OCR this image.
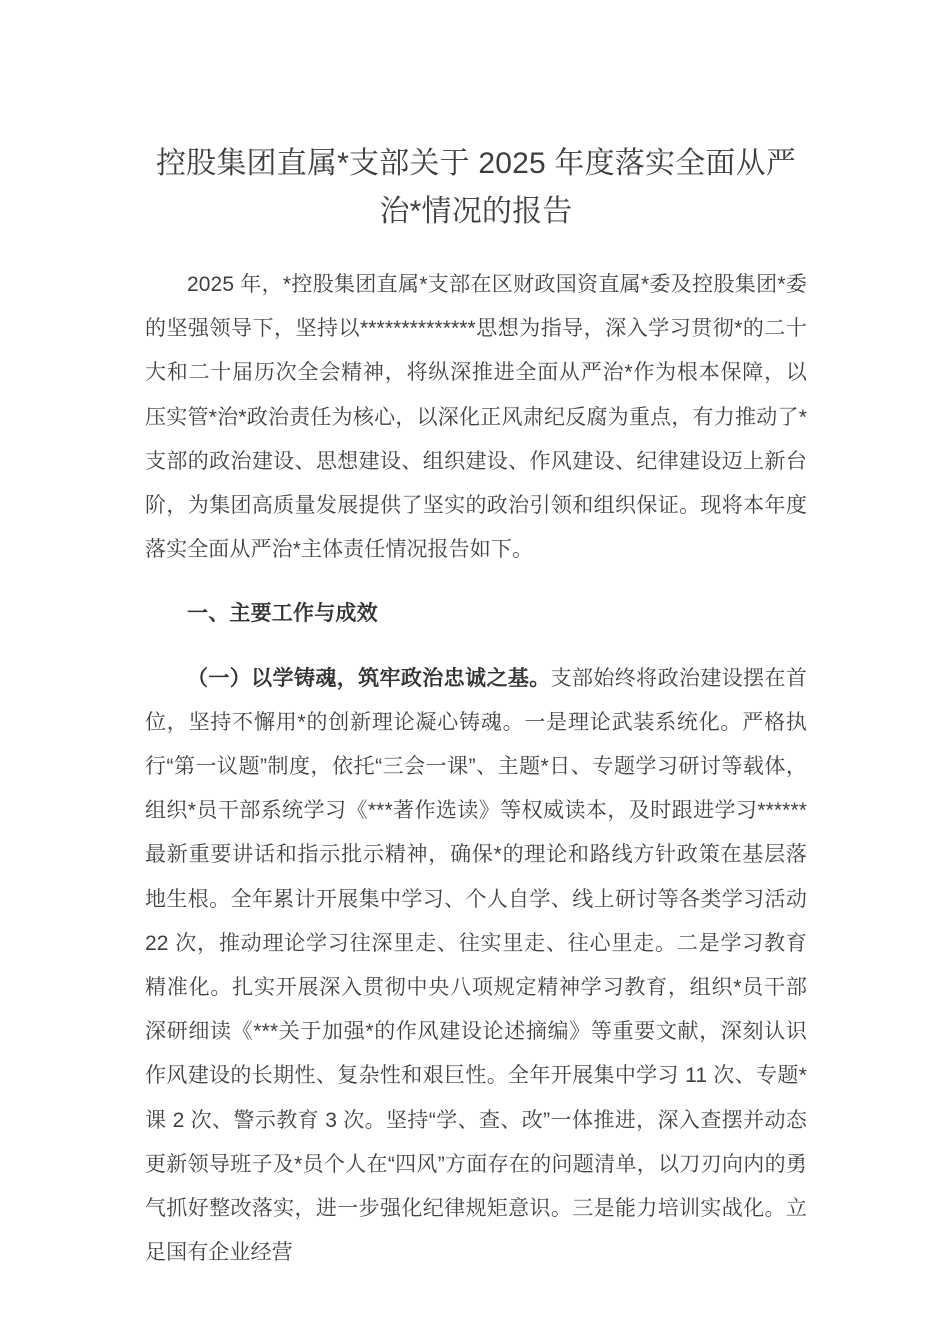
控股集团直属*支部关于 2025 年度落实全面从严治*情况的报告

2025 年，*控股集团直属*支部在区财政国资直属*委及控股集团*委的坚强领导下，坚持以**************思想为指导，深入学习贯彻*的二十大和二十届历次全会精神，将纵深推进全面从严治*作为根本保障，以压实管*治*政治责任为核心，以深化正风肃纪反腐为重点，有力推动了*支部的政治建设、思想建设、组织建设、作风建设、纪律建设迈上新台阶，为集团高质量发展提供了坚实的政治引领和组织保证。现将本年度落实全面从严治*主体责任情况报告如下。

一、主要工作与成效

（一）以学铸魂，筑牢政治忠诚之基。支部始终将政治建设摆在首位，坚持不懈用*的创新理论凝心铸魂。一是理论武装系统化。严格执行“第一议题”制度，依托“三会一课”、主题*日、专题学习研讨等载体，组织*员干部系统学习《***著作选读》等权威读本，及时跟进学习******最新重要讲话和指示批示精神，确保*的理论和路线方针政策在基层落地生根。全年累计开展集中学习、个人自学、线上研讨等各类学习活动 22 次，推动理论学习往深里走、往实里走、往心里走。二是学习教育精准化。扎实开展深入贯彻中央八项规定精神学习教育，组织*员干部深研细读《***关于加强*的作风建设论述摘编》等重要文献，深刻认识作风建设的长期性、复杂性和艰巨性。全年开展集中学习 11 次、专题*课 2 次、警示教育 3 次。坚持“学、查、改”一体推进，深入查摆并动态更新领导班子及*员个人在“四风”方面存在的问题清单，以刀刃向内的勇气抓好整改落实，进一步强化纪律规矩意识。三是能力培训实战化。立足国有企业经营
